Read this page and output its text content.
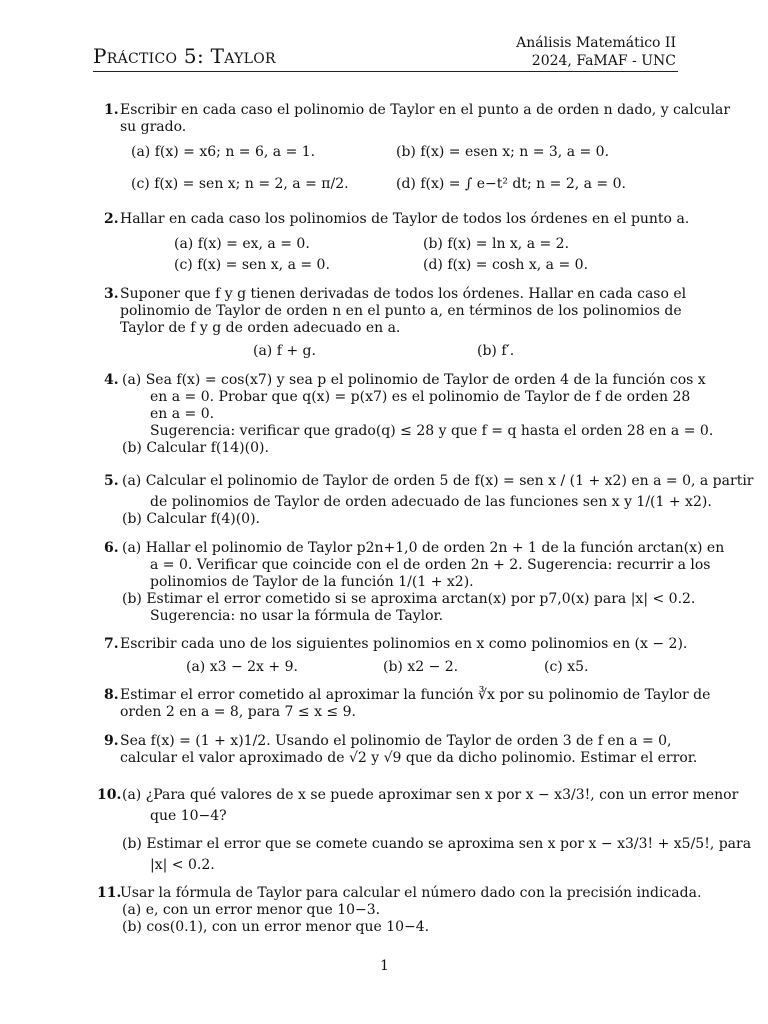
Práctico 5: Taylor
Análisis Matemático II
2024, FaMAF - UNC
1. Escribir en cada caso el polinomio de Taylor en el punto a de orden n dado, y calcular
su grado.
(a) f(x) = x6; n = 6, a = 1.	(b) f(x) = esen x; n = 3, a = 0.
(c) f(x) = sen x; n = 2, a = π/2.	(d) f(x) = ∫ e−t² dt; n = 2, a = 0.
2. Hallar en cada caso los polinomios de Taylor de todos los órdenes en el punto a.
(a) f(x) = ex, a = 0.	(b) f(x) = ln x, a = 2.
(c) f(x) = sen x, a = 0.	(d) f(x) = cosh x, a = 0.
3. Suponer que f y g tienen derivadas de todos los órdenes. Hallar en cada caso el
polinomio de Taylor de orden n en el punto a, en términos de los polinomios de
Taylor de f y g de orden adecuado en a.
(a) f + g.	(b) f′.
4. (a) Sea f(x) = cos(x7) y sea p el polinomio de Taylor de orden 4 de la función cos x
en a = 0. Probar que q(x) = p(x7) es el polinomio de Taylor de f de orden 28
en a = 0.
Sugerencia: verificar que grado(q) ≤ 28 y que f = q hasta el orden 28 en a = 0.
(b) Calcular f(14)(0).
5. (a) Calcular el polinomio de Taylor de orden 5 de f(x) = sen x / (1 + x2) en a = 0, a partir
de polinomios de Taylor de orden adecuado de las funciones sen x y 1/(1 + x2).
(b) Calcular f(4)(0).
6. (a) Hallar el polinomio de Taylor p2n+1,0 de orden 2n + 1 de la función arctan(x) en
a = 0. Verificar que coincide con el de orden 2n + 2. Sugerencia: recurrir a los
polinomios de Taylor de la función 1/(1 + x2).
(b) Estimar el error cometido si se aproxima arctan(x) por p7,0(x) para |x| < 0.2.
Sugerencia: no usar la fórmula de Taylor.
7. Escribir cada uno de los siguientes polinomios en x como polinomios en (x − 2).
(a) x3 − 2x + 9.	(b) x2 − 2.	(c) x5.
8. Estimar el error cometido al aproximar la función ∛x por su polinomio de Taylor de
orden 2 en a = 8, para 7 ≤ x ≤ 9.
9. Sea f(x) = (1 + x)1/2. Usando el polinomio de Taylor de orden 3 de f en a = 0,
calcular el valor aproximado de √2 y √9 que da dicho polinomio. Estimar el error.
10. (a) ¿Para qué valores de x se puede aproximar sen x por x − x3/3!, con un error menor
que 10−4?
(b) Estimar el error que se comete cuando se aproxima sen x por x − x3/3! + x5/5!, para
|x| < 0.2.
11.
Usar la fórmula de Taylor para calcular el número dado con la precisión indicada.
(a) e, con un error menor que 10−3.
(b) cos(0.1), con un error menor que 10−4.
1
